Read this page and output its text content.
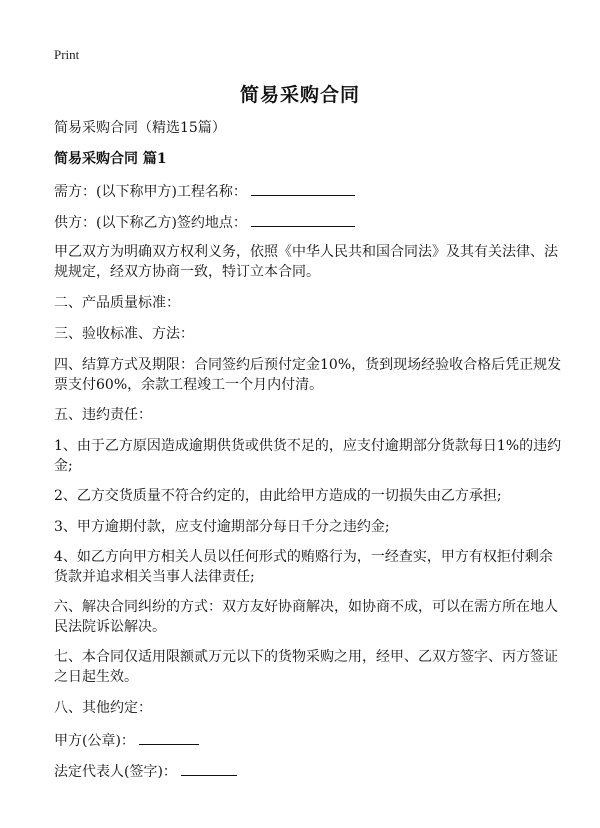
Print
简易采购合同

简易采购合同（精选15篇）

简易采购合同 篇1

需方：(以下称甲方)工程名称：

供方：(以下称乙方)签约地点：

甲乙双方为明确双方权利义务，依照《中华人民共和国合同法》及其有关法律、法

规规定，经双方协商一致，特订立本合同。

二、产品质量标准：

三、验收标准、方法：

四、结算方式及期限：合同签约后预付定金10%，货到现场经验收合格后凭正规发

票支付60%，余款工程竣工一个月内付清。

五、违约责任：

1、由于乙方原因造成逾期供货或供货不足的，应支付逾期部分货款每日1%的违约

金;

2、乙方交货质量不符合约定的，由此给甲方造成的一切损失由乙方承担;

3、甲方逾期付款，应支付逾期部分每日千分之违约金;

4、如乙方向甲方相关人员以任何形式的贿赂行为，一经查实，甲方有权拒付剩余

货款并追求相关当事人法律责任;

六、解决合同纠纷的方式：双方友好协商解决，如协商不成，可以在需方所在地人

民法院诉讼解决。

七、本合同仅适用限额贰万元以下的货物采购之用，经甲、乙双方签字、丙方签证

之日起生效。

八、其他约定：

甲方(公章)：

法定代表人(签字)：
